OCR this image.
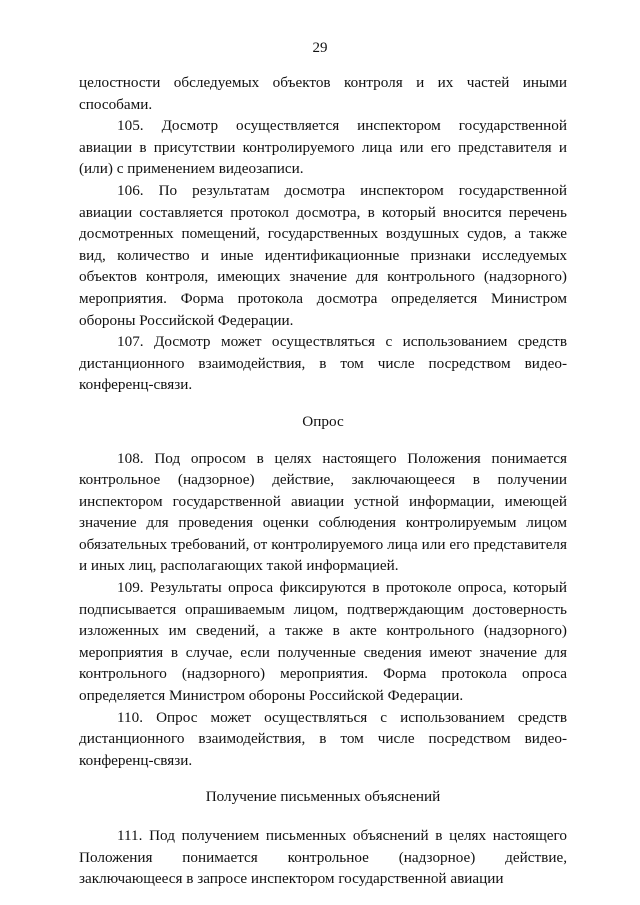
29

целостности обследуемых объектов контроля и их частей иными способами.

105. Досмотр осуществляется инспектором государственной авиации в присутствии контролируемого лица или его представителя и (или) с применением видеозаписи.

106. По результатам досмотра инспектором государственной авиации составляется протокол досмотра, в который вносится перечень досмотренных помещений, государственных воздушных судов, а также вид, количество и иные идентификационные признаки исследуемых объектов контроля, имеющих значение для контрольного (надзорного) мероприятия. Форма протокола досмотра определяется Министром обороны Российской Федерации.

107. Досмотр может осуществляться с использованием средств дистанционного взаимодействия, в том числе посредством видео-конференц-связи.

Опрос

108. Под опросом в целях настоящего Положения понимается контрольное (надзорное) действие, заключающееся в получении инспектором государственной авиации устной информации, имеющей значение для проведения оценки соблюдения контролируемым лицом обязательных требований, от контролируемого лица или его представителя и иных лиц, располагающих такой информацией.

109. Результаты опроса фиксируются в протоколе опроса, который подписывается опрашиваемым лицом, подтверждающим достоверность изложенных им сведений, а также в акте контрольного (надзорного) мероприятия в случае, если полученные сведения имеют значение для контрольного (надзорного) мероприятия. Форма протокола опроса определяется Министром обороны Российской Федерации.

110. Опрос может осуществляться с использованием средств дистанционного взаимодействия, в том числе посредством видео-конференц-связи.

Получение письменных объяснений

111. Под получением письменных объяснений в целях настоящего Положения понимается контрольное (надзорное) действие, заключающееся в запросе инспектором государственной авиации
